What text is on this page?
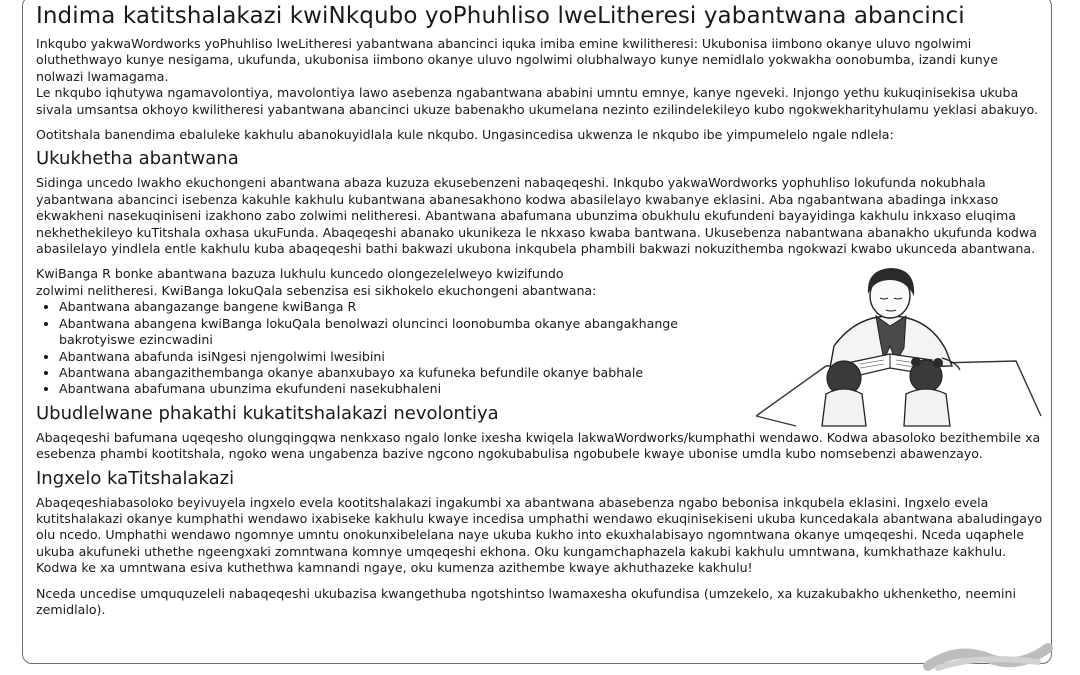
Indima katitshalakazi kwiNkqubo yoPhuhliso lweLitheresi yabantwana abancinci

Inkqubo yakwaWordworks yoPhuhliso lweLitheresi yabantwana abancinci iquka imiba emine kwilitheresi: Ukubonisa iimbono okanye uluvo ngolwimi oluthethwayo kunye nesigama, ukufunda, ukubonisa iimbono okanye uluvo ngolwimi olubhalwayo kunye nemidlalo yokwakha oonobumba, izandi kunye nolwazi lwamagama.

Le nkqubo iqhutywa ngamavolontiya, mavolontiya lawo asebenza ngabantwana ababini umntu emnye, kanye ngeveki. Injongo yethu kukuqinisekisa ukuba sivala umsantsa okhoyo kwilitheresi yabantwana abancinci ukuze babenakho ukumelana nezinto ezilindelekileyo kubo ngokwekharityhulamu yeklasi abakuyo.

Ootitshala banendima ebaluleke kakhulu abanokuyidlala kule nkqubo. Ungasincedisa ukwenza le nkqubo ibe yimpumelelo ngale ndlela:

Ukukhetha abantwana

Sidinga uncedo lwakho ekuchongeni abantwana abaza kuzuza ekusebenzeni nabaqeqeshi. Inkqubo yakwaWordworks yophuhliso lokufunda nokubhala yabantwana abancinci isebenza kakuhle kakhulu kubantwana abanesakhono kodwa abasilelayo kwabanye eklasini. Aba ngabantwana abadinga inkxaso ekwakheni nasekuqiniseni izakhono zabo zolwimi nelitheresi. Abantwana abafumana ubunzima obukhulu ekufundeni bayayidinga kakhulu inkxaso eluqima nekhethekileyo kuTitshala oxhasa ukuFunda. Abaqeqeshi abanako ukunikeza le nkxaso kwaba bantwana. Ukusebenza nabantwana abanakho ukufunda kodwa abasilelayo yindlela entle kakhulu kuba abaqeqeshi bathi bakwazi ukubona inkqubela phambili bakwazi nokuzithemba ngokwazi kwabo ukunceda abantwana.

KwiBanga R bonke abantwana bazuza lukhulu kuncedo olongezelelweyo kwizifundo

zolwimi nelitheresi. KwiBanga lokuQala sebenzisa esi sikhokelo ekuchongeni abantwana:

• Abantwana abangazange bangene kwiBanga R
• Abantwana abangena kwiBanga lokuQala benolwazi oluncinci loonobumba okanye abangakhange bakrotyiswe ezincwadini
• Abantwana abafunda isiNgesi njengolwimi lwesibini
• Abantwana abangazithembanga okanye abanxubayo xa kufuneka befundile okanye babhale
• Abantwana abafumana ubunzima ekufundeni nasekubhaleni
Ubudlelwane phakathi kukatitshalakazi nevolontiya

Abaqeqeshi bafumana uqeqesho olungqingqwa nenkxaso ngalo lonke ixesha kwiqela lakwaWordworks/kumphathi wendawo. Kodwa abasoloko bezithembile xa esebenza phambi kootitshala, ngoko wena ungabenza bazive ngcono ngokubabulisa ngobubele kwaye ubonise umdla kubo nomsebenzi abawenzayo.

Ingxelo kaTitshalakazi

Abaqeqeshiabasoloko beyivuyela ingxelo evela kootitshalakazi ingakumbi xa abantwana abasebenza ngabo bebonisa inkqubela eklasini. Ingxelo evela kutitshalakazi okanye kumphathi wendawo ixabiseke kakhulu kwaye incedisa umphathi wendawo ekuqinisekiseni ukuba kuncedakala abantwana abaludingayo olu ncedo. Umphathi wendawo ngomnye umntu onokunxibelelana naye ukuba kukho into ekuxhalabisayo ngomntwana okanye umqeqeshi. Nceda uqaphele ukuba akufuneki uthethe ngeengxaki zomntwana komnye umqeqeshi ekhona. Oku kungamchaphazela kakubi kakhulu umntwana, kumkhathaze kakhulu. Kodwa ke xa umntwana esiva kuthethwa kamnandi ngaye, oku kumenza azithembe kwaye akhuthazeke kakhulu!

Nceda uncedise umququzeleli nabaqeqeshi ukubazisa kwangethuba ngotshintso lwamaxesha okufundisa (umzekelo, xa kuzakubakho ukhenketho, neemini zemidlalo).
